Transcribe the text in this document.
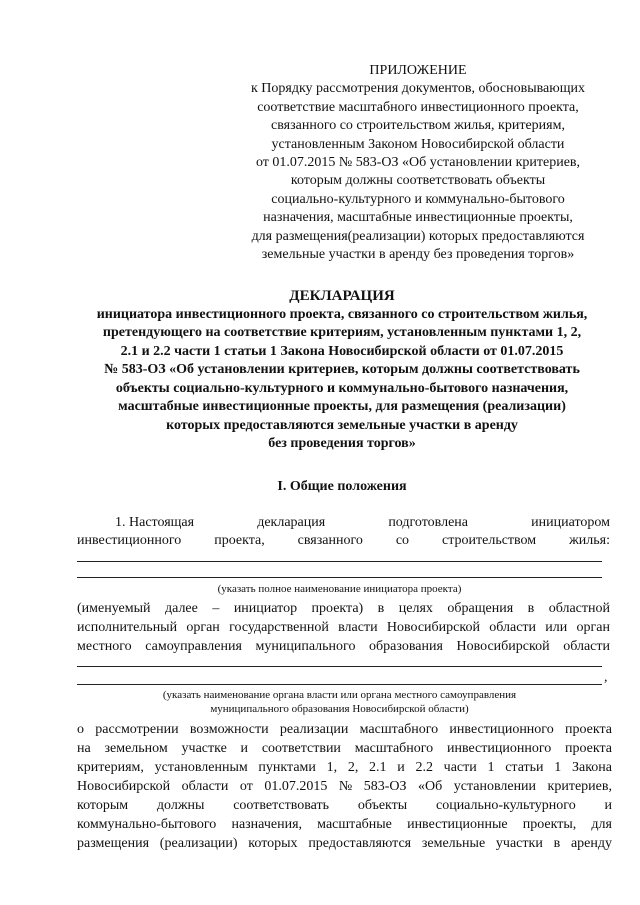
ПРИЛОЖЕНИЕ
к Порядку рассмотрения документов, обосновывающих
соответствие масштабного инвестиционного проекта,
связанного со строительством жилья, критериям,
установленным Законом Новосибирской области
от 01.07.2015 № 583-ОЗ «Об установлении критериев,
которым должны соответствовать объекты
социально-культурного и коммунально-бытового
назначения, масштабные инвестиционные проекты,
для размещения(реализации) которых предоставляются
земельные участки в аренду без проведения торгов»
ДЕКЛАРАЦИЯ
инициатора инвестиционного проекта, связанного со строительством жилья,
претендующего на соответствие критериям, установленным пунктами 1, 2,
2.1 и 2.2 части 1 статьи 1 Закона Новосибирской области от 01.07.2015
№ 583-ОЗ «Об установлении критериев, которым должны соответствовать
объекты социально-культурного и коммунально-бытового назначения,
масштабные инвестиционные проекты, для размещения (реализации)
которых предоставляются земельные участки в аренду
без проведения торгов»
I. Общие положения
1. Настоящая	декларация	подготовлена	инициатором
инвестиционного проекта, связанного со строительством жилья:
(указать полное наименование инициатора проекта)
(именуемый далее – инициатор проекта) в целях обращения в областной
исполнительный орган государственной власти Новосибирской области или орган
местного самоуправления муниципального образования Новосибирской области
,
(указать наименование органа власти или органа местного самоуправления
муниципального образования Новосибирской области)
о рассмотрении возможности реализации масштабного инвестиционного проекта
на земельном участке и соответствии масштабного инвестиционного проекта
критериям, установленным пунктами 1, 2, 2.1 и 2.2 части 1 статьи 1 Закона
Новосибирской области от 01.07.2015 № 583-ОЗ «Об установлении критериев,
которым должны соответствовать объекты социально-культурного и
коммунально-бытового назначения, масштабные инвестиционные проекты, для
размещения (реализации) которых предоставляются земельные участки в аренду
